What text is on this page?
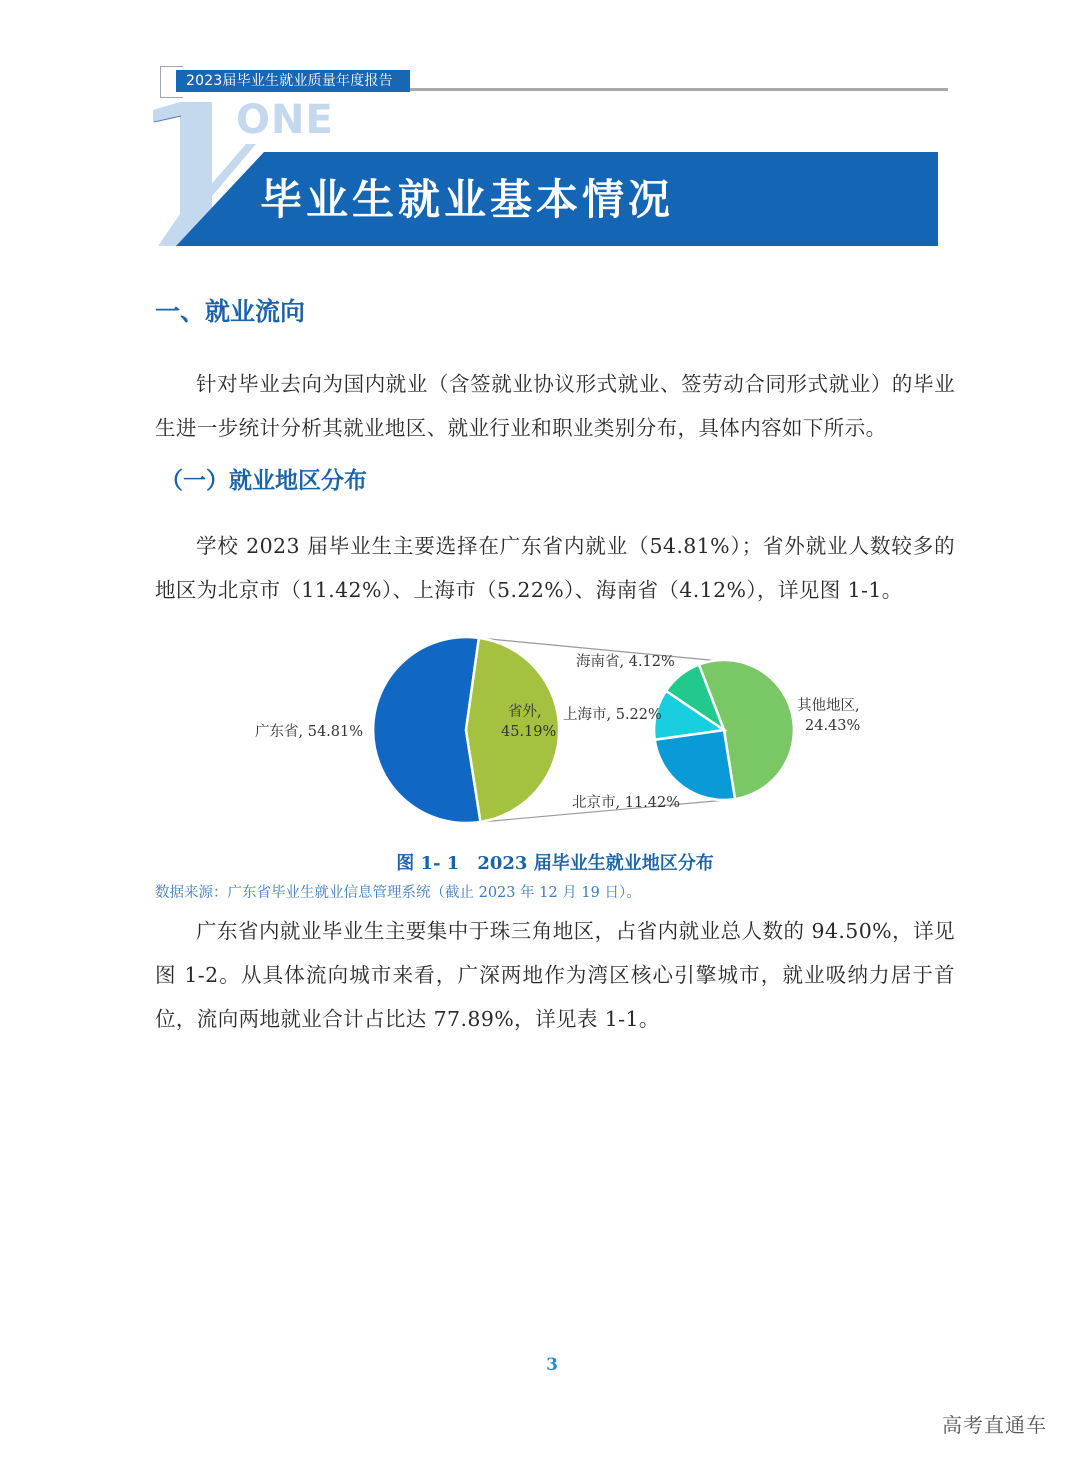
2023届毕业生就业质量年度报告
ONE
毕业生就业基本情况
一、就业流向
针对毕业去向为国内就业（含签就业协议形式就业、签劳动合同形式就业）的毕业生进一步统计分析其就业地区、就业行业和职业类别分布，具体内容如下所示。
（一）就业地区分布
学校 2023 届毕业生主要选择在广东省内就业（54.81%）；省外就业人数较多的地区为北京市（11.42%）、上海市（5.22%）、海南省（4.12%），详见图 1-1。
广东省, 54.81%
省外,
45.19%
海南省, 4.12%
上海市, 5.22%
北京市, 11.42%
其他地区,
24.43%
图 1- 1　2023 届毕业生就业地区分布
数据来源：广东省毕业生就业信息管理系统（截止 2023 年 12 月 19 日）。
广东省内就业毕业生主要集中于珠三角地区，占省内就业总人数的 94.50%，详见图 1-2。从具体流向城市来看，广深两地作为湾区核心引擎城市，就业吸纳力居于首位，流向两地就业合计占比达 77.89%，详见表 1-1。
3
高考直通车
